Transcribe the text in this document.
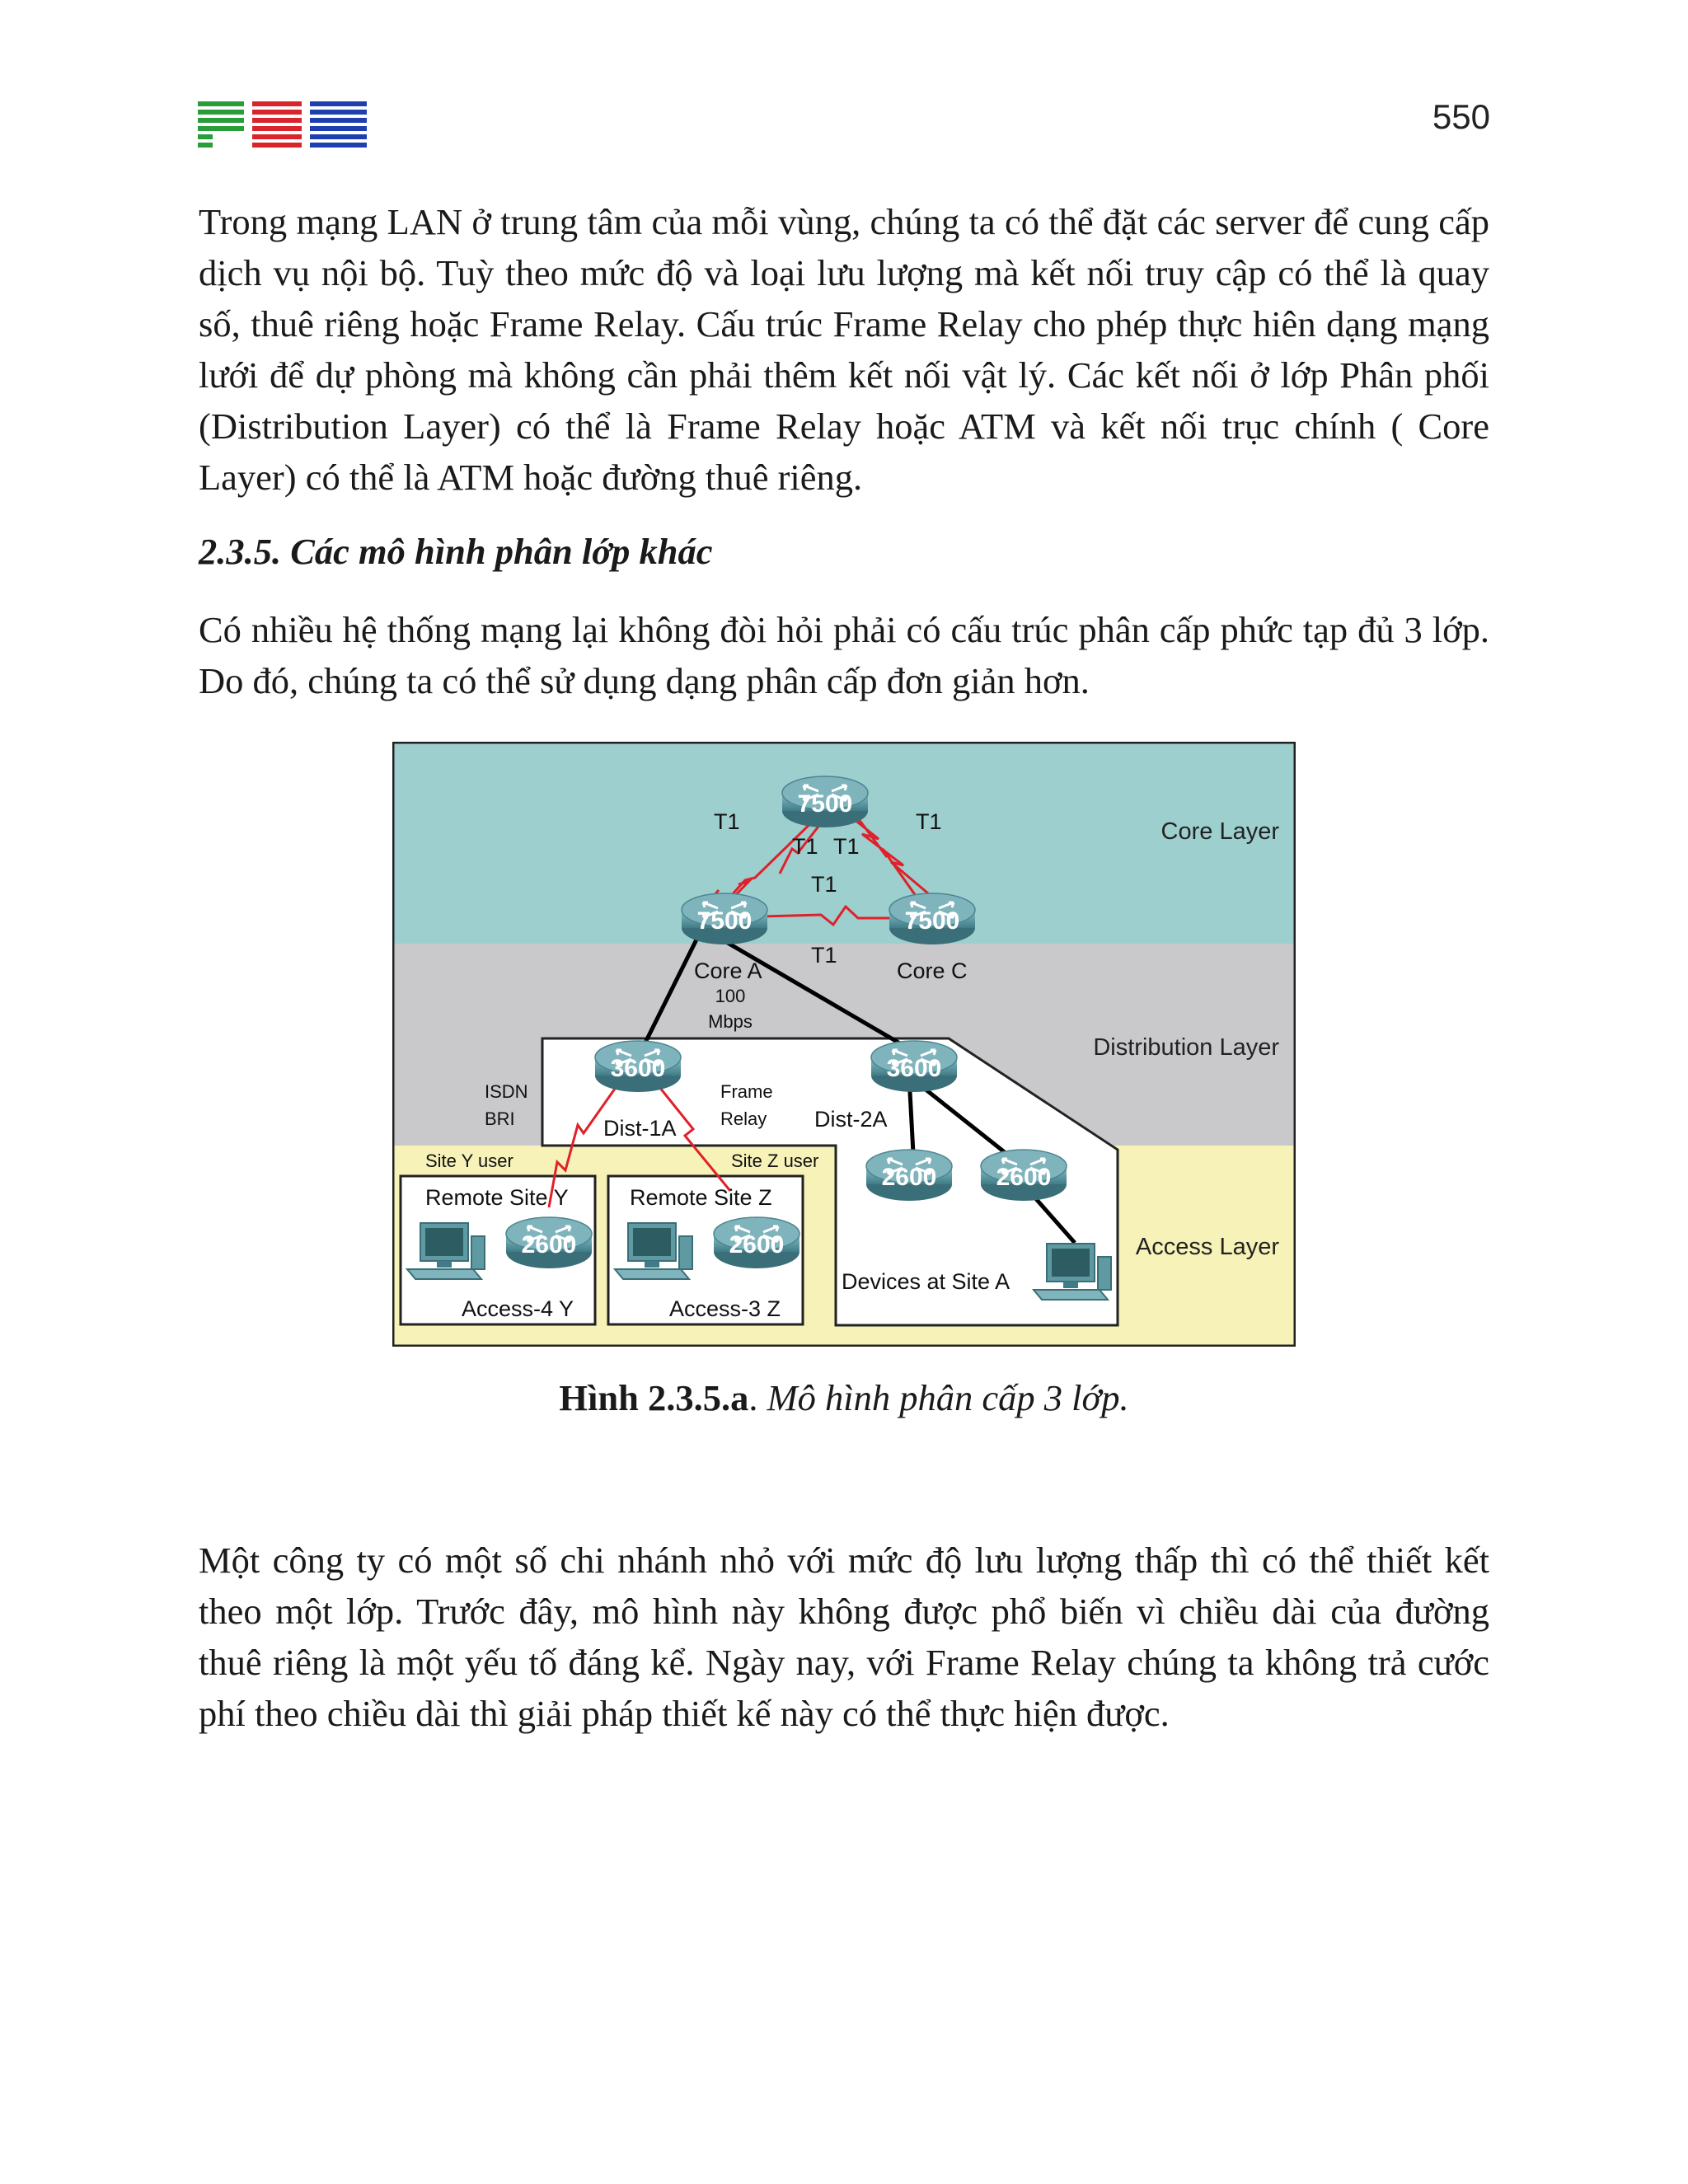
550

Trong mạng LAN ở trung tâm của mỗi vùng, chúng ta có thể đặt các server để cung cấp dịch vụ nội bộ. Tuỳ theo mức độ và loại lưu lượng mà kết nối truy cập có thể là quay số, thuê riêng hoặc Frame Relay. Cấu trúc Frame Relay cho phép thực hiên dạng mạng lưới để dự phòng mà không cần phải thêm kết nối vật lý. Các kết nối ở lớp Phân phối (Distribution Layer) có thể là Frame Relay hoặc ATM và kết nối trục chính ( Core Layer) có thể là ATM hoặc đường thuê riêng.

2.3.5. Các mô hình phân lớp khác

Có nhiều hệ thống mạng lại không đòi hỏi phải có cấu trúc phân cấp phức tạp đủ 3 lớp. Do đó, chúng ta có thể sử dụng dạng phân cấp đơn giản hơn.

7500
7500	7500
3600	3600
2600 2600
2600	2600
Core Layer
Distribution Layer
Access Layer
T1	T1
T1 T1
T1
T1
Core A	Core C
100
Mbps
ISDN
BRI
Frame
Relay
Dist-1A	Dist-2A
Site Y user	Site Z user
Remote Site Y	Remote Site Z
Access-4 Y	Access-3 Z
Devices at Site A
Hình 2.3.5.a. Mô hình phân cấp 3 lớp.

Một công ty có một số chi nhánh nhỏ với mức độ lưu lượng thấp thì có thể thiết kết theo một lớp. Trước đây, mô hình này không được phổ biến vì chiều dài của đường thuê riêng là một yếu tố đáng kể. Ngày nay, với Frame Relay chúng ta không trả cước phí theo chiều dài thì giải pháp thiết kế này có thể thực hiện được.
